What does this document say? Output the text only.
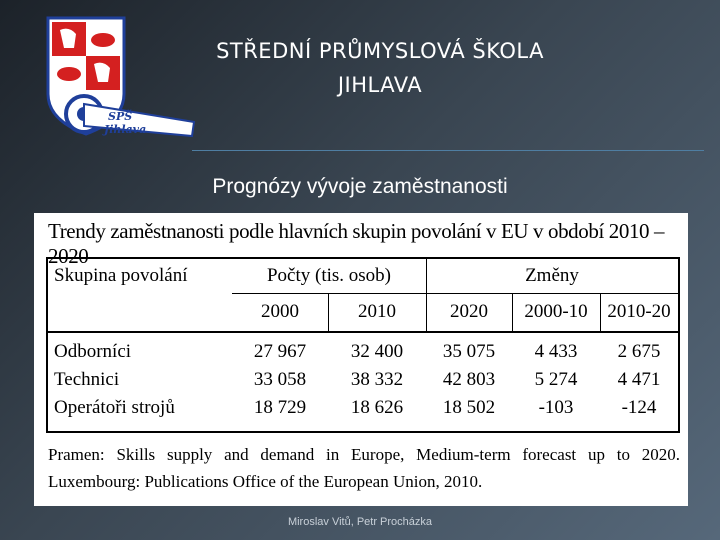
SPŠ
Jihlava
STŘEDNÍ PRŮMYSLOVÁ ŠKOLA
JIHLAVA
Prognózy vývoje zaměstnanosti
Trendy zaměstnanosti podle hlavních skupin povolání v EU v období 2010 – 2020
Skupina povolání	Počty (tis. osob)	Změny
2000	2010	2020	2000-10	2010-20
Odborníci	27 967	32 400	35 075	4 433	2 675
Technici	33 058	38 332	42 803	5 274	4 471
Operátoři strojů	18 729	18 626	18 502	-103	-124
Pramen: Skills supply and demand in Europe, Medium-term forecast up to 2020. Luxembourg: Publications Office of the European Union, 2010.
Miroslav Vitů, Petr Procházka
